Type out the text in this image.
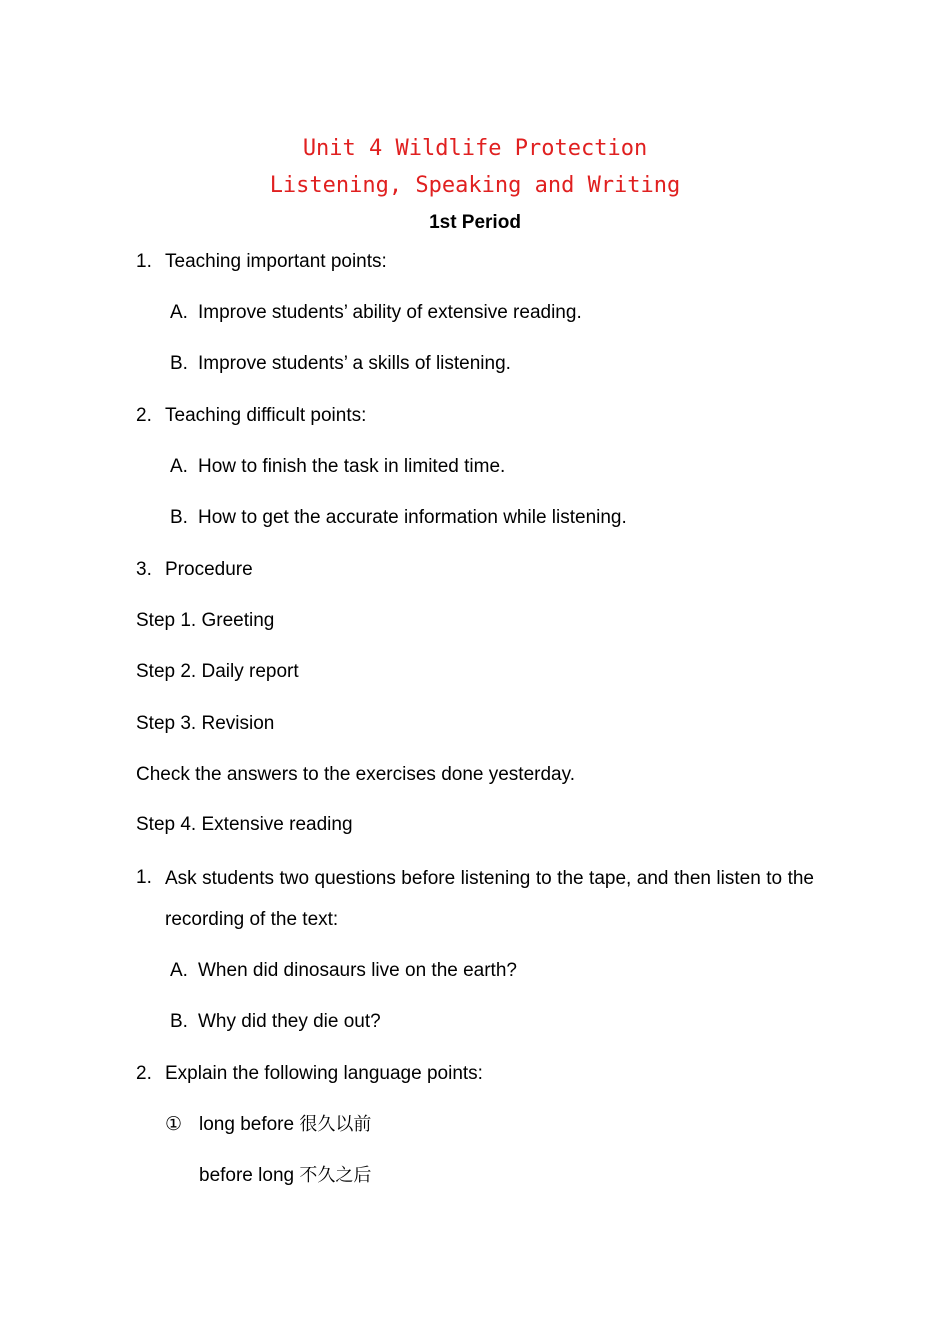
Unit 4 Wildlife Protection
Listening, Speaking and Writing
1st Period
1. Teaching important points:
A. Improve students’ ability of extensive reading.
B. Improve students’ a skills of listening.
2. Teaching difficult points:
A. How to finish the task in limited time.
B. How to get the accurate information while listening.
3. Procedure
Step 1. Greeting
Step 2. Daily report
Step 3. Revision
Check the answers to the exercises done yesterday.
Step 4. Extensive reading
1. Ask students two questions before listening to the tape, and then listen to the recording of the text:
A. When did dinosaurs live on the earth?
B. Why did they die out?
2. Explain the following language points:
① long before 很久以前
before long 不久之后
